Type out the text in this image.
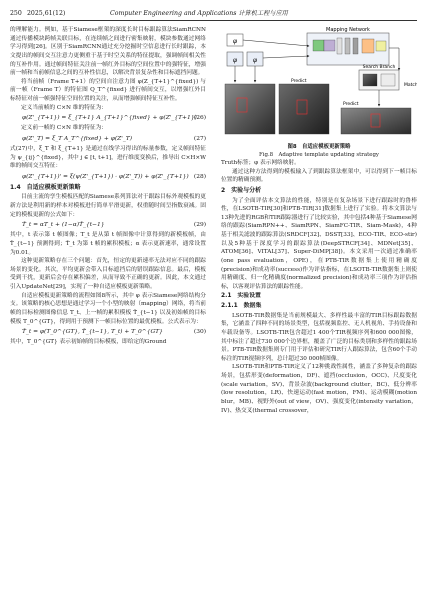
250 2025,61(12)	Computer Engineering and Applications 计算机工程与应用

的理解能力。例如，基于Siamese框架的深度长时目标跟踪算法SiamRCNN通过传播模块跨帧关联目标，在连续帧之间进行密集映射，模块参数通过网络学习得到[26]。区别于SiamRCNN通过充分挖掘时空信息进行长时跟踪，本文提出的帧间交互注意力更侧重于基于时空关系的特征提取，强调帧间相关性的互补作用。通过帧间特征关注前一帧红外目标的空间位置中的强特征，增强前一帧和当前帧信息之间的互补性信息，以解决背景复杂性和目标遮挡问题。

将当前帧（Frame T+1）的空间自注意力图 φ(Z_{T+1}^{fixed}) 与前一帧（Frame T）的特征图 Q_T^{fixed} 进行帧间交互，以增强红外目标特征对前一帧强特征空间位置的关注，从而增强帧间特征互补性。

定义当前帧的 C×N 维的特征为：

φ(Z'_{T+1}) = ξ_{T+1} A_{T+1}^{fixed} + φ(Z'_{T+1})
(26)

定义前一帧的 C×N 维的特征为：

φ(Z'_T) = ξ_T A_T^{fixed} + φ(Z'_T)	(27)

式(27)中，ξ_T 和 ξ_{T+1} 是通过在线学习得出的标量参数，定义帧间特征为 ψ_{ij}^{fixed}，其中 j ∈ [t, t+1]，进行维度变换后，推导出 C×H×W 维的帧间交互特征：

φ(Z'_{T+1})' = ξ(ψ(Z'_{T+1}) · φ(Z'_T)) + φ(Z'_{T+1}) (28)
1.4　自适应模板更新策略

目前主流的孪生模板匹配的Siamese系列算法对于跟踪目标外观模板的更新方法是利用新的样本对模板进行简单平滑更新，权重随时间呈指数衰减。固定的模板更新的公式如下：

T̃_t = αT_t + (1−α)T̃_{t−1}	(29)

其中，t 表示第 t 帧图像；T_t 是从第 t 帧图像中计算得到的新模板帧，由 T̃_{t−1} 预测得到；T̃_t 为第 t 帧的累积模板；α 表示更新速率，通常设置为0.01。

这种更新策略存在三个问题：首先，恒定的更新速率无法对应不同的跟踪场景的变化。其次，平均更新会带入目标遮挡后的错误跟踪信息。最后，模板受到干扰，更新后会存在累积偏差，从而导致不正确的更新。因此，本文通过引入UpdateNet[29]，实现了一种自适应模板更新策略。

自适应模板更新策略的流程如图8所示，其中 φ 表示Siamese网络结构分支。该策略的核心思想是通过学习一个小型的映射（mapping）网络，将当前帧的目标检测图像信息 T_t、上一帧的累积模板 T̃_{t−1} 以及初始帧的目标模板 T_0^{GT}，得到用于预测下一帧目标位置的最优模板。公式表示为：

T̃_t = φ(T_0^{GT}, T̃_{t−1}, T_t) + T_0^{GT}	(30)

其中，T_0^{GT} 表示初始帧的目标模板，即给定的Ground

Mapping Network
Search Branch
Match
φ
φ	φ
Predict
Predict
图8　自适应模板更新策略
Fig.8　Adaptive template updating strategy

Truth标签；φ 表示网络映射。

通过这种方法得到的模板输入了到跟踪算法框架中，可以得到下一帧目标位置的精确预测。

2　实验与分析

为了全面评估本文算法的性能，特别是在复杂场景下进行跟踪时的鲁棒性，在LSOTB-TIR[30]和PTB-TIR[31]数据集上进行了实验。将本文算法与13种先进的RGB和TIR跟踪器进行了比较实验，其中包括4种基于Siamese网络的跟踪(SiamRPN++、SiamRPN、SiamFC-TIR、Siam-Mask)，4种基于相关滤波的跟踪算法(SRDCF[32]、DSST[33]、ECO-TIR、ECO-stir)以及5种基于深度学习的跟踪算法(DeepSTRCF[34]、MDNet[35]、ATOM[36]、VITAL[37]、Super-DiMP[38])。本文采用一次通过准确率(one pass evaluation，OPE)，在PTB-TIR数据集上使用精确度(precision)和成功率(success)作为评估指标，在LSOTB-TIR数据集上则使用精确度、归一化精确度(normalized precision)和成功率三项作为评估指标，以客观评估算法的跟踪性能。

2.1　实验设置
2.1.1　数据集

LSOTB-TIR数据集是当前规模最大、多样性最丰富的TIR目标跟踪数据集，它涵盖了四种不同的场景类型，包括视频监控、无人机视角、手持设备和车载设备等。LSOTB-TIR包含超过1 400个TIR视频序列和600 000图像，其中标注了超过730 000个边界框，覆盖了广泛的目标类别和多样性的跟踪场景。PTB-TIR数据集则专门用于评估和研究TIR行人跟踪算法，包含60个手动标注的TIR视频序列，总计超过30 000帧图像。

LSOTB-TIR和PTB-TIR定义了12种挑战性属性，涵盖了多种复杂的跟踪场景，包括形变(deformation，DF)、遮挡(occlusion，OCC)、尺度变化(scale variation，SV)、背景杂波(background clutter，BC)、低分辨率(low resolution，LR)、快速运动(fast motion，FM)、运动模糊(motion blur，MB)、视野外(out of view，OV)、强度变化(intensity variation，IV)、热交叉(thermal crossover，
